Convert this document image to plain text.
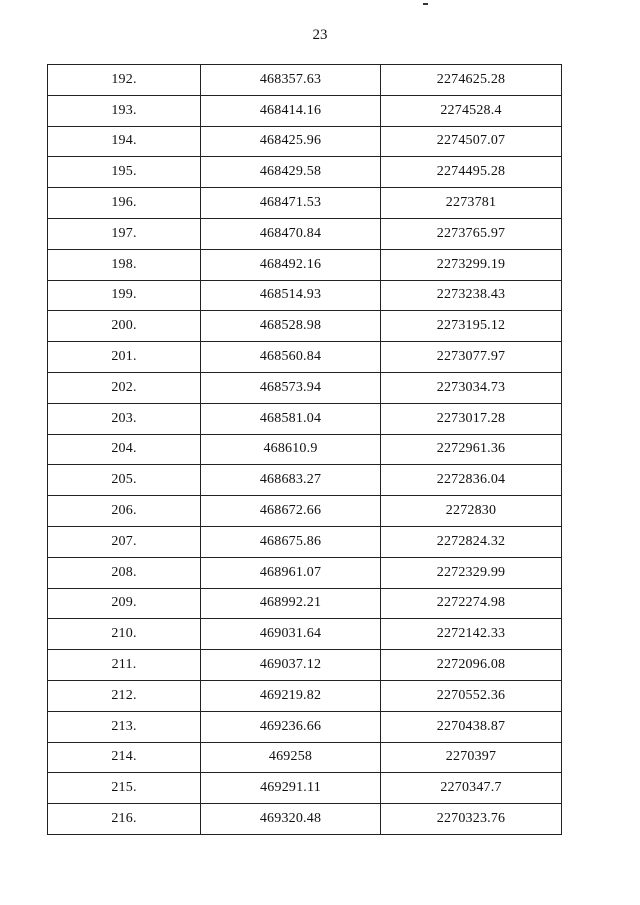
23
192.	468357.63	2274625.28
193.	468414.16	2274528.4
194.	468425.96	2274507.07
195.	468429.58	2274495.28
196.	468471.53	2273781
197.	468470.84	2273765.97
198.	468492.16	2273299.19
199.	468514.93	2273238.43
200.	468528.98	2273195.12
201.	468560.84	2273077.97
202.	468573.94	2273034.73
203.	468581.04	2273017.28
204.	468610.9	2272961.36
205.	468683.27	2272836.04
206.	468672.66	2272830
207.	468675.86	2272824.32
208.	468961.07	2272329.99
209.	468992.21	2272274.98
210.	469031.64	2272142.33
211.	469037.12	2272096.08
212.	469219.82	2270552.36
213.	469236.66	2270438.87
214.	469258	2270397
215.	469291.11	2270347.7
216.	469320.48	2270323.76
